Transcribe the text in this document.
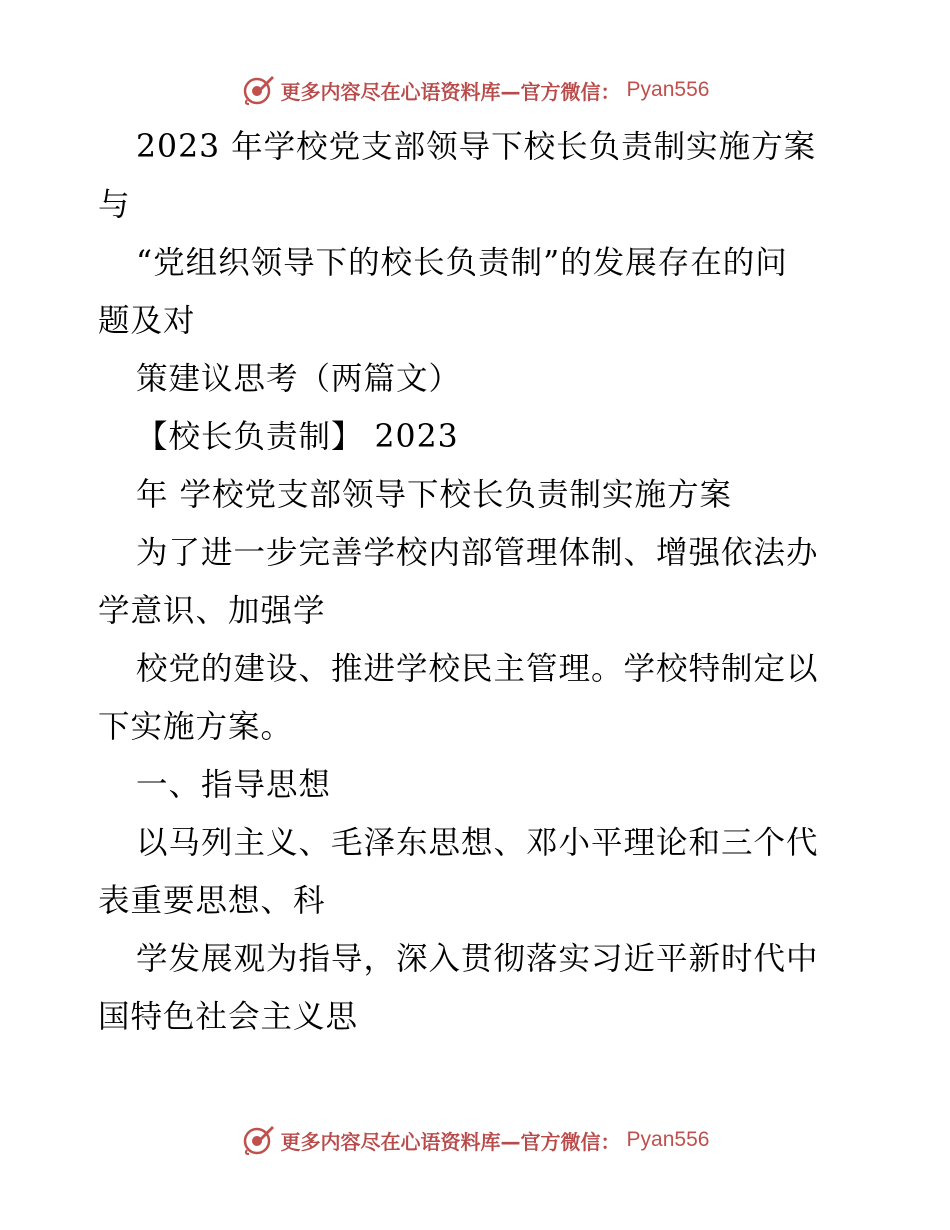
更多内容尽在心语资料库—官方微信： Pyan556
2023 年学校党支部领导下校长负责制实施方案
与
“党组织领导下的校长负责制”的发展存在的问
题及对
策建议思考（两篇文）
【校长负责制】 2023
年 学校党支部领导下校长负责制实施方案
为了进一步完善学校内部管理体制、增强依法办
学意识、加强学
校党的建设、推进学校民主管理。学校特制定以
下实施方案。
一、指导思想
以马列主义、毛泽东思想、邓小平理论和三个代
表重要思想、科
学发展观为指导，深入贯彻落实习近平新时代中
国特色社会主义思
更多内容尽在心语资料库—官方微信： Pyan556
